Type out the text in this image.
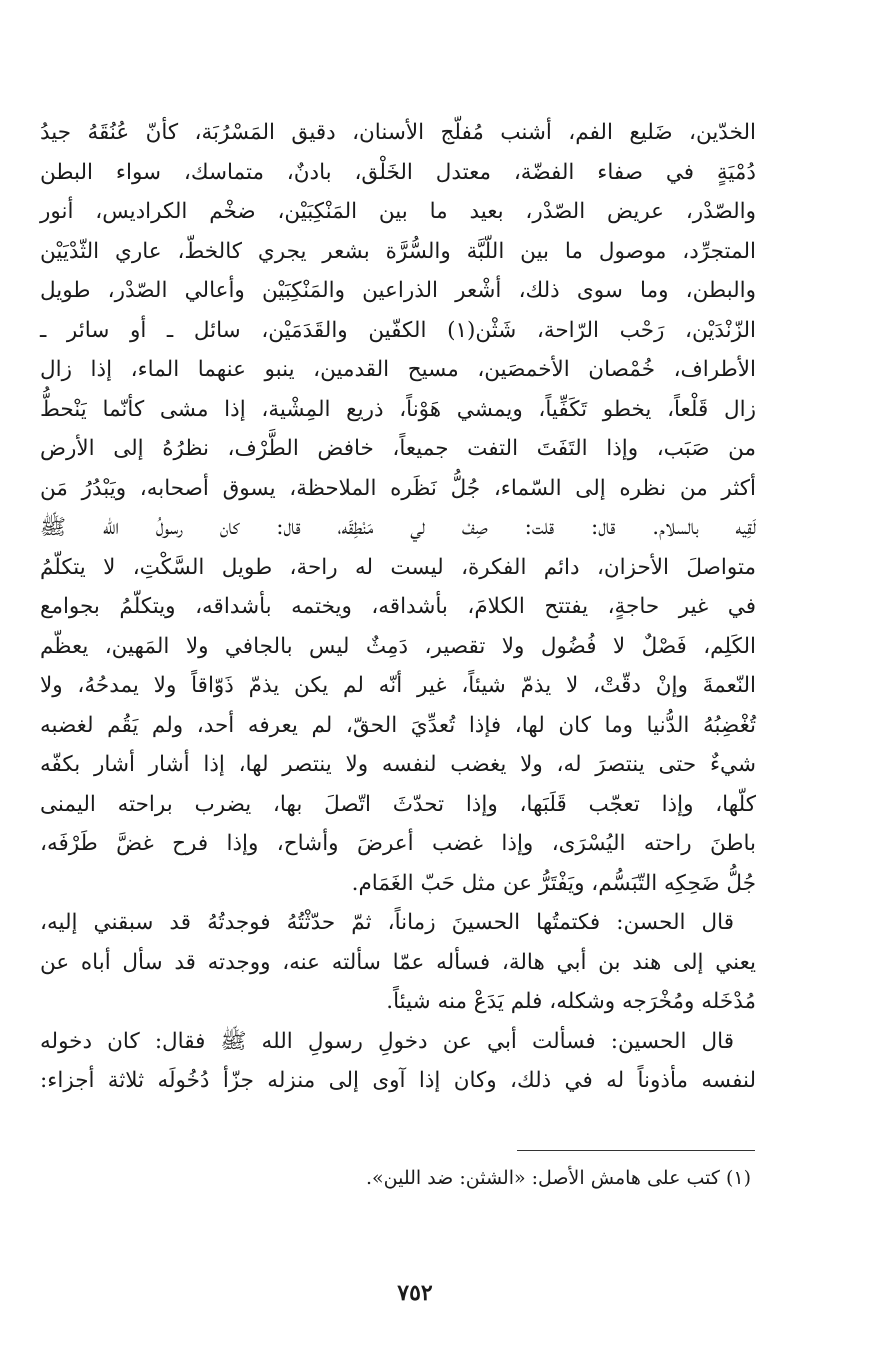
الخدّين، ضَليع الفم، أشنب مُفلّج الأسنان، دقيق المَسْرُبَة، كأنّ عُنُقَهُ جيدُ
دُمْيَةٍ في صفاء الفضّة، معتدل الخَلْق، بادنٌ، متماسك، سواء البطن
والصّدْر، عريض الصّدْر، بعيد ما بين المَنْكِبَيْن، ضخْم الكراديس، أنور
المتجرِّد، موصول ما بين اللّبَّة والسُّرَّة بشعر يجري كالخطّ، عاري الثّدْيَيْن
والبطن، وما سوى ذلك، أشْعر الذراعين والمَنْكِبَيْن وأعالي الصّدْر، طويل
الزّنْدَيْن، رَحْب الرّاحة، شَثْن(١) الكفّين والقَدَمَيْن، سائل ـ أو سائر ـ
الأطراف، خُمْصان الأخمصَين، مسيح القدمين، ينبو عنهما الماء، إذا زال
زال قَلْعاً، يخطو تَكَفِّياً، ويمشي هَوْناً، ذريع المِشْية، إذا مشى كأنّما يَنْحطُّ
من صَبَب، وإذا التَفَتَ التفت جميعاً، خافض الطَّرْف، نظرُهُ إلى الأرض
أكثر من نظره إلى السّماء، جُلُّ نَظَره الملاحظة، يسوق أصحابه، ويَبْدُرُ مَن
لَقِيه بالسلام. قال: قلت: صِفْ لي مَنْطِقَه، قال: كان رسولُ الله ﷺ
متواصلَ الأحزان، دائم الفكرة، ليست له راحة، طويل السَّكْتِ، لا يتكلّمُ
في غير حاجةٍ، يفتتح الكلامَ، بأشداقه، ويختمه بأشداقه، ويتكلّمُ بجوامع
الكَلِم، فَصْلٌ لا فُضُول ولا تقصير، دَمِثٌ ليس بالجافي ولا المَهين، يعظّم
النّعمةَ وإنْ دقّتْ، لا يذمّ شيئاً، غير أنّه لم يكن يذمّ ذَوّاقاً ولا يمدحُهُ، ولا
تُغْضِبُهُ الدُّنيا وما كان لها، فإذا تُعدِّيَ الحقّ، لم يعرفه أحد، ولم يَقُم لغضبه
شيءٌ حتى ينتصرَ له، ولا يغضب لنفسه ولا ينتصر لها، إذا أشار أشار بكفّه
كلّها، وإذا تعجّب قَلَبَها، وإذا تحدّثَ اتّصلَ بها، يضرب براحته اليمنى
باطنَ راحته اليُسْرَى، وإذا غضب أعرضَ وأشاح، وإذا فرح غضَّ طَرْفَه،
جُلُّ ضَحِكِه التّبَسُّم، ويَفْتَرُّ عن مثل حَبّ الغَمَام.
قال الحسن: فكتمتُها الحسينَ زماناً، ثمّ حدّثْتُهُ فوجدتُهُ قد سبقني إليه،
يعني إلى هند بن أبي هالة، فسأله عمّا سألته عنه، ووجدته قد سأل أباه عن
مُدْخَله ومُخْرَجه وشكله، فلم يَدَعْ منه شيئاً.
قال الحسين: فسألت أبي عن دخولِ رسولِ الله ﷺ فقال: كان دخوله
لنفسه مأذوناً له في ذلك، وكان إذا آوى إلى منزله جزّأ دُخُولَه ثلاثة أجزاء:
(١) كتب على هامش الأصل: «الشثن: ضد اللين».
٧٥٢
